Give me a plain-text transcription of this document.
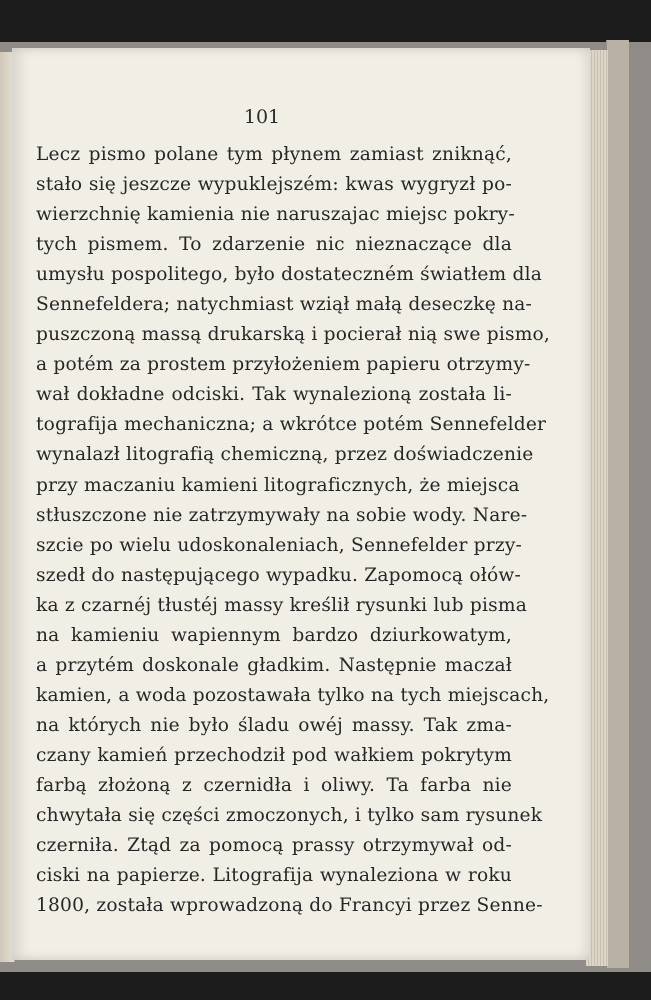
101
Lecz pismo polane tym płynem zamiast zniknąć,
stało się jeszcze wypuklejszém: kwas wygryzł po-
wierzchnię kamienia nie naruszajac miejsc pokry-
tych pismem. To zdarzenie nic nieznaczące dla
umysłu pospolitego, było dostateczném światłem dla
Sennefeldera; natychmiast wziął małą deseczkę na-
puszczoną massą drukarską i pocierał nią swe pismo,
a potém za prostem przyłożeniem papieru otrzymy-
wał dokładne odciski. Tak wynalezioną została li-
tografija mechaniczna; a wkrótce potém Sennefelder
wynalazł litografią chemiczną, przez doświadczenie
przy maczaniu kamieni litograficznych, że miejsca
stłuszczone nie zatrzymywały na sobie wody. Nare-
szcie po wielu udoskonaleniach, Sennefelder przy-
szedł do następującego wypadku. Zapomocą ołów-
ka z czarnéj tłustéj massy kreślił rysunki lub pisma
na kamieniu wapiennym bardzo dziurkowatym,
a przytém doskonale gładkim. Następnie maczał
kamien, a woda pozostawała tylko na tych miejscach,
na których nie było śladu owéj massy. Tak zma-
czany kamień przechodził pod wałkiem pokrytym
farbą złożoną z czernidła i oliwy. Ta farba nie
chwytała się części zmoczonych, i tylko sam rysunek
czerniła. Ztąd za pomocą prassy otrzymywał od-
ciski na papierze. Litografija wynaleziona w roku
1800, została wprowadzoną do Francyi przez Senne-
